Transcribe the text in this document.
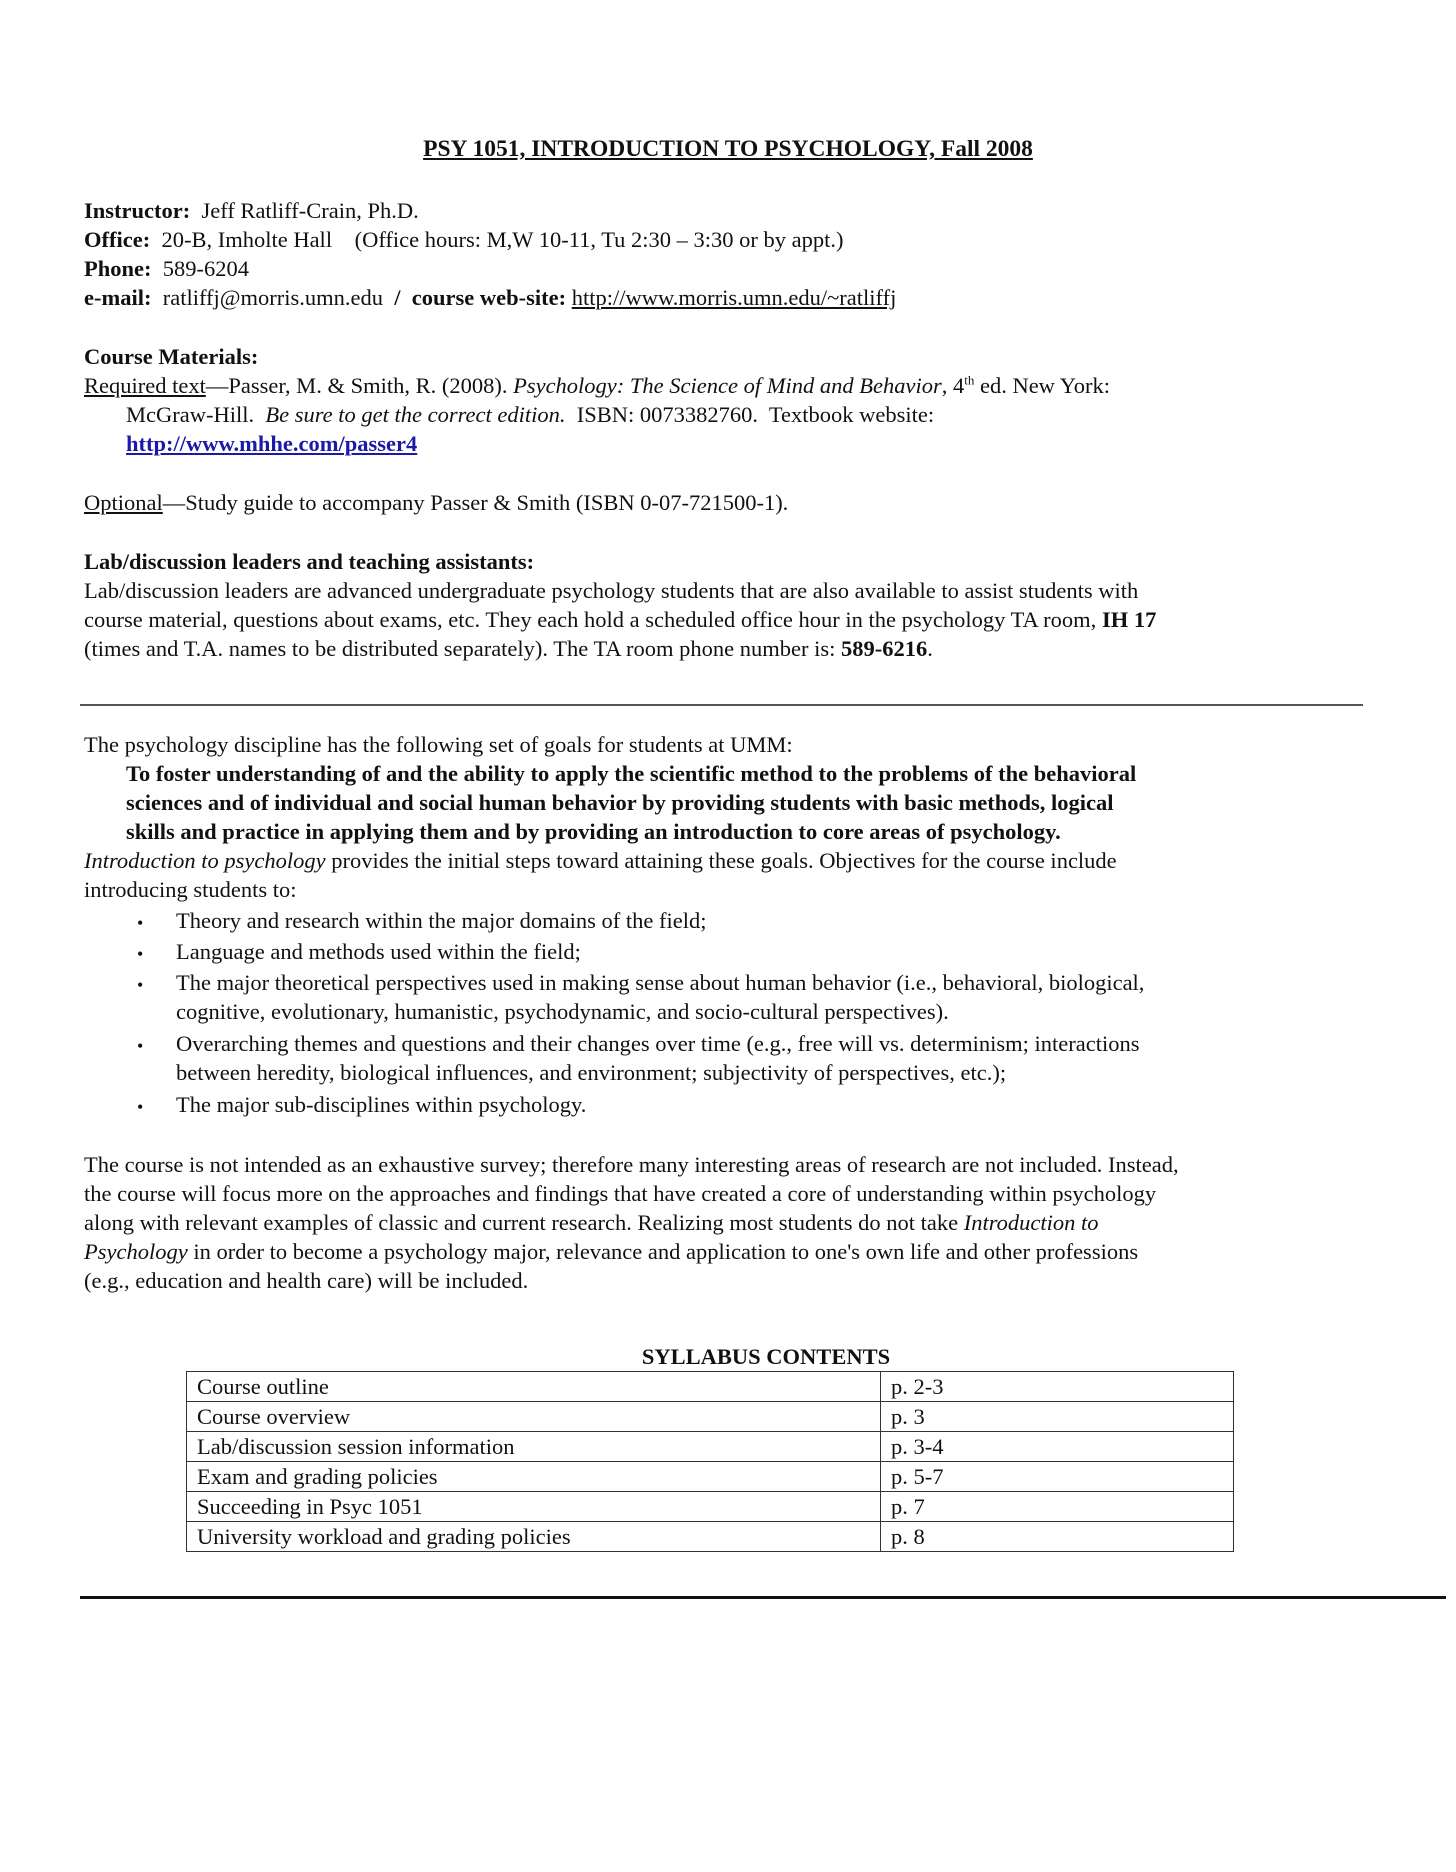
PSY 1051, INTRODUCTION TO PSYCHOLOGY, Fall 2008
Instructor: Jeff Ratliff-Crain, Ph.D.
Office: 20-B, Imholte Hall (Office hours: M,W 10-11, Tu 2:30 – 3:30 or by appt.)
Phone: 589-6204
e-mail: ratliffj@morris.umn.edu / course web-site: http://www.morris.umn.edu/~ratliffj
Course Materials:
Required text—Passer, M. & Smith, R. (2008). Psychology: The Science of Mind and Behavior, 4th ed. New York:
McGraw-Hill. Be sure to get the correct edition. ISBN: 0073382760. Textbook website:
http://www.mhhe.com/passer4
Optional—Study guide to accompany Passer & Smith (ISBN 0-07-721500-1).
Lab/discussion leaders and teaching assistants:
Lab/discussion leaders are advanced undergraduate psychology students that are also available to assist students with
course material, questions about exams, etc. They each hold a scheduled office hour in the psychology TA room, IH 17
(times and T.A. names to be distributed separately). The TA room phone number is: 589-6216.
The psychology discipline has the following set of goals for students at UMM:
To foster understanding of and the ability to apply the scientific method to the problems of the behavioral
sciences and of individual and social human behavior by providing students with basic methods, logical
skills and practice in applying them and by providing an introduction to core areas of psychology.
Introduction to psychology provides the initial steps toward attaining these goals. Objectives for the course include
introducing students to:
• Theory and research within the major domains of the field;
• Language and methods used within the field;
• The major theoretical perspectives used in making sense about human behavior (i.e., behavioral, biological,
cognitive, evolutionary, humanistic, psychodynamic, and socio-cultural perspectives).
• Overarching themes and questions and their changes over time (e.g., free will vs. determinism; interactions
between heredity, biological influences, and environment; subjectivity of perspectives, etc.);
• The major sub-disciplines within psychology.
The course is not intended as an exhaustive survey; therefore many interesting areas of research are not included. Instead,
the course will focus more on the approaches and findings that have created a core of understanding within psychology
along with relevant examples of classic and current research. Realizing most students do not take Introduction to
Psychology in order to become a psychology major, relevance and application to one's own life and other professions
(e.g., education and health care) will be included.
SYLLABUS CONTENTS
Course outline	p. 2-3
Course overview	p. 3
Lab/discussion session information	p. 3-4
Exam and grading policies	p. 5-7
Succeeding in Psyc 1051	p. 7
University workload and grading policies	p. 8
